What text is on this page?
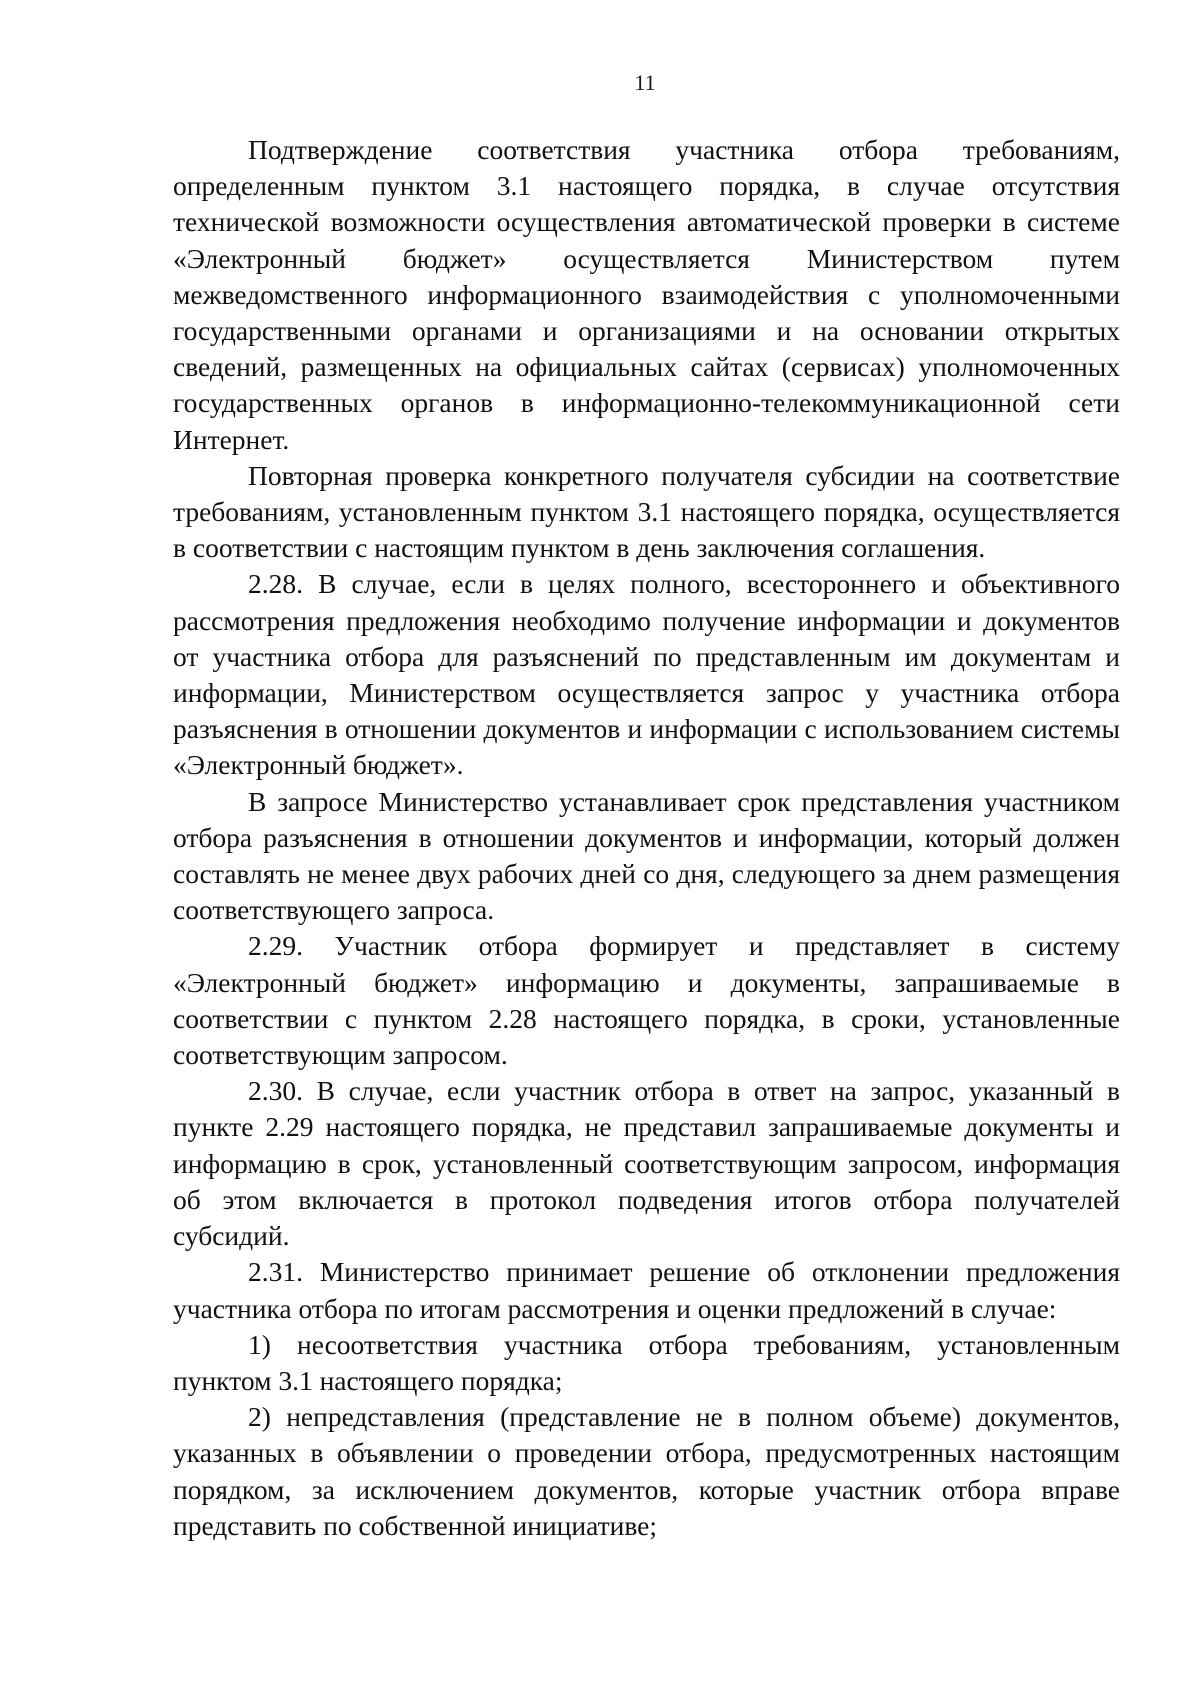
11

Подтверждение соответствия участника отбора требованиям, определенным пунктом 3.1 настоящего порядка, в случае отсутствия технической возможности осуществления автоматической проверки в системе «Электронный бюджет» осуществляется Министерством путем межведомственного информационного взаимодействия с уполномоченными государственными органами и организациями и на основании открытых сведений, размещенных на официальных сайтах (сервисах) уполномоченных государственных органов в информационно-телекоммуникационной сети Интернет.

Повторная проверка конкретного получателя субсидии на соответствие требованиям, установленным пунктом 3.1 настоящего порядка, осуществляется в соответствии с настоящим пунктом в день заключения соглашения.

2.28. В случае, если в целях полного, всестороннего и объективного рассмотрения предложения необходимо получение информации и документов от участника отбора для разъяснений по представленным им документам и информации, Министерством осуществляется запрос у участника отбора разъяснения в отношении документов и информации с использованием системы «Электронный бюджет».

В запросе Министерство устанавливает срок представления участником отбора разъяснения в отношении документов и информации, который должен составлять не менее двух рабочих дней со дня, следующего за днем размещения соответствующего запроса.

2.29. Участник отбора формирует и представляет в систему «Электронный бюджет» информацию и документы, запрашиваемые в соответствии с пунктом 2.28 настоящего порядка, в сроки, установленные соответствующим запросом.

2.30. В случае, если участник отбора в ответ на запрос, указанный в пункте 2.29 настоящего порядка, не представил запрашиваемые документы и информацию в срок, установленный соответствующим запросом, информация об этом включается в протокол подведения итогов отбора получателей субсидий.

2.31. Министерство принимает решение об отклонении предложения участника отбора по итогам рассмотрения и оценки предложений в случае:

1) несоответствия участника отбора требованиям, установленным пунктом 3.1 настоящего порядка;

2) непредставления (представление не в полном объеме) документов, указанных в объявлении о проведении отбора, предусмотренных настоящим порядком, за исключением документов, которые участник отбора вправе представить по собственной инициативе;
